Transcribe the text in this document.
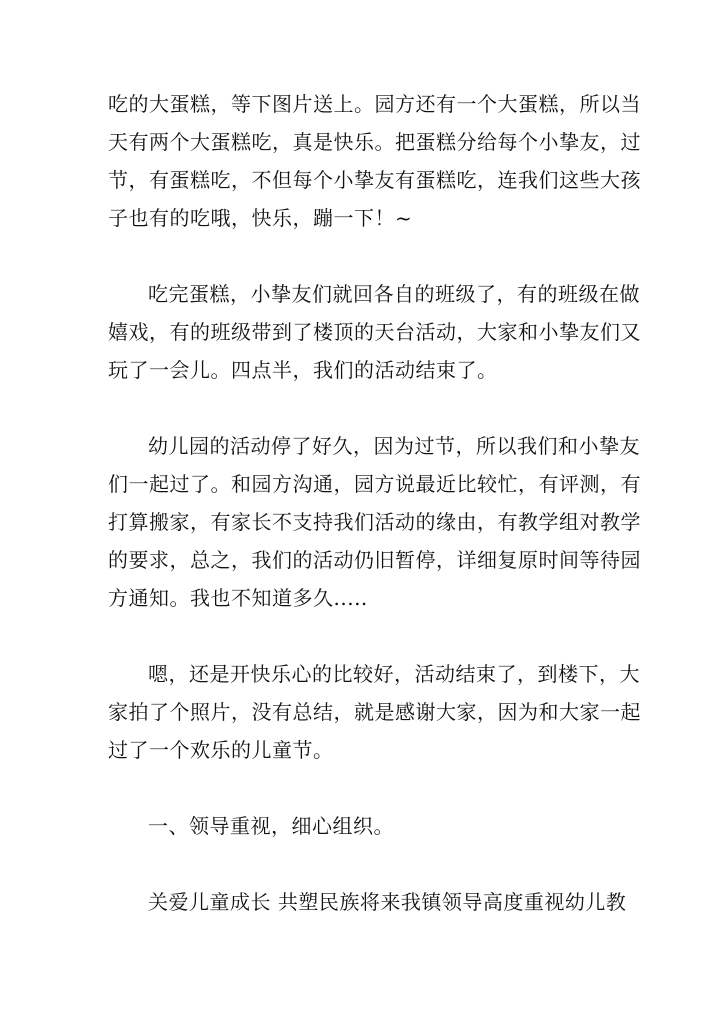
吃的大蛋糕，等下图片送上。园方还有一个大蛋糕，所以当
天有两个大蛋糕吃，真是快乐。把蛋糕分给每个小挚友，过
节，有蛋糕吃，不但每个小挚友有蛋糕吃，连我们这些大孩
子也有的吃哦，快乐，蹦一下！~
吃完蛋糕，小挚友们就回各自的班级了，有的班级在做
嬉戏，有的班级带到了楼顶的天台活动，大家和小挚友们又
玩了一会儿。四点半，我们的活动结束了。
幼儿园的活动停了好久，因为过节，所以我们和小挚友
们一起过了。和园方沟通，园方说最近比较忙，有评测，有
打算搬家，有家长不支持我们活动的缘由，有教学组对教学
的要求，总之，我们的活动仍旧暂停，详细复原时间等待园
方通知。我也不知道多久.....
嗯，还是开快乐心的比较好，活动结束了，到楼下，大
家拍了个照片，没有总结，就是感谢大家，因为和大家一起
过了一个欢乐的儿童节。
一、领导重视，细心组织。
关爱儿童成长 共塑民族将来我镇领导高度重视幼儿教
